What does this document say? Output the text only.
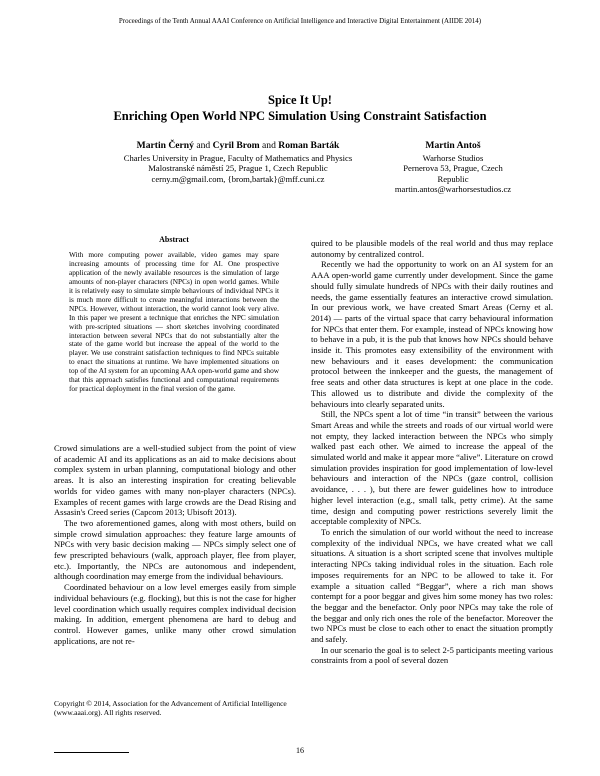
Proceedings of the Tenth Annual AAAI Conference on Artificial Intelligence and Interactive Digital Entertainment (AIIDE 2014)
Spice It Up!
Enriching Open World NPC Simulation Using Constraint Satisfaction
Martin Černý and Cyril Brom and Roman Barták	Martin Antoš
Charles University in Prague, Faculty of Mathematics and Physics
Malostranské náměstí 25, Prague 1, Czech Republic
cerny.m@gmail.com, {brom,bartak}@mff.cuni.cz
Warhorse Studios
Pernerova 53, Prague, Czech Republic
martin.antos@warhorsestudios.cz
Abstract
With more computing power available, video games may spare increasing amounts of processing time for AI. One prospective application of the newly available resources is the simulation of large amounts of non-player characters (NPCs) in open world games. While it is relatively easy to simulate simple behaviours of individual NPCs it is much more difficult to create meaningful interactions between the NPCs. However, without interaction, the world cannot look very alive. In this paper we present a technique that enriches the NPC simulation with pre-scripted situations — short sketches involving coordinated interaction between several NPCs that do not substantially alter the state of the game world but increase the appeal of the world to the player. We use constraint satisfaction techniques to find NPCs suitable to enact the situations at runtime. We have implemented situations on top of the AI system for an upcoming AAA open-world game and show that this approach satisfies functional and computational requirements for practical deployment in the final version of the game.

Crowd simulations are a well-studied subject from the point of view of academic AI and its applications as an aid to make decisions about complex system in urban planning, computational biology and other areas. It is also an interesting inspiration for creating believable worlds for video games with many non-player characters (NPCs). Examples of recent games with large crowds are the Dead Rising and Assasin's Creed series (Capcom 2013; Ubisoft 2013).

The two aforementioned games, along with most others, build on simple crowd simulation approaches: they feature large amounts of NPCs with very basic decision making — NPCs simply select one of few prescripted behaviours (walk, approach player, flee from player, etc.). Importantly, the NPCs are autonomous and independent, although coordination may emerge from the individual behaviours.

Coordinated behaviour on a low level emerges easily from simple individual behaviours (e.g. flocking), but this is not the case for higher level coordination which usually requires complex individual decision making. In addition, emergent phenomena are hard to debug and control. However games, unlike many other crowd simulation applications, are not re-

Copyright © 2014, Association for the Advancement of Artificial Intelligence (www.aaai.org). All rights reserved.

quired to be plausible models of the real world and thus may replace autonomy by centralized control.

Recently we had the opportunity to work on an AI system for an AAA open-world game currently under development. Since the game should fully simulate hundreds of NPCs with their daily routines and needs, the game essentially features an interactive crowd simulation. In our previous work, we have created Smart Areas (Cerny et al. 2014) — parts of the virtual space that carry behavioural information for NPCs that enter them. For example, instead of NPCs knowing how to behave in a pub, it is the pub that knows how NPCs should behave inside it. This promotes easy extensibility of the environment with new behaviours and it eases development: the communication protocol between the innkeeper and the guests, the management of free seats and other data structures is kept at one place in the code. This allowed us to distribute and divide the complexity of the behaviours into clearly separated units.

Still, the NPCs spent a lot of time “in transit” between the various Smart Areas and while the streets and roads of our virtual world were not empty, they lacked interaction between the NPCs who simply walked past each other. We aimed to increase the appeal of the simulated world and make it appear more “alive”. Literature on crowd simulation provides inspiration for good implementation of low-level behaviours and interaction of the NPCs (gaze control, collision avoidance, . . . ), but there are fewer guidelines how to introduce higher level interaction (e.g., small talk, petty crime). At the same time, design and computing power restrictions severely limit the acceptable complexity of NPCs.

To enrich the simulation of our world without the need to increase complexity of the individual NPCs, we have created what we call situations. A situation is a short scripted scene that involves multiple interacting NPCs taking individual roles in the situation. Each role imposes requirements for an NPC to be allowed to take it. For example a situation called “Beggar”, where a rich man shows contempt for a poor beggar and gives him some money has two roles: the beggar and the benefactor. Only poor NPCs may take the role of the beggar and only rich ones the role of the benefactor. Moreover the two NPCs must be close to each other to enact the situation promptly and safely.

In our scenario the goal is to select 2-5 participants meeting various constraints from a pool of several dozen

16
